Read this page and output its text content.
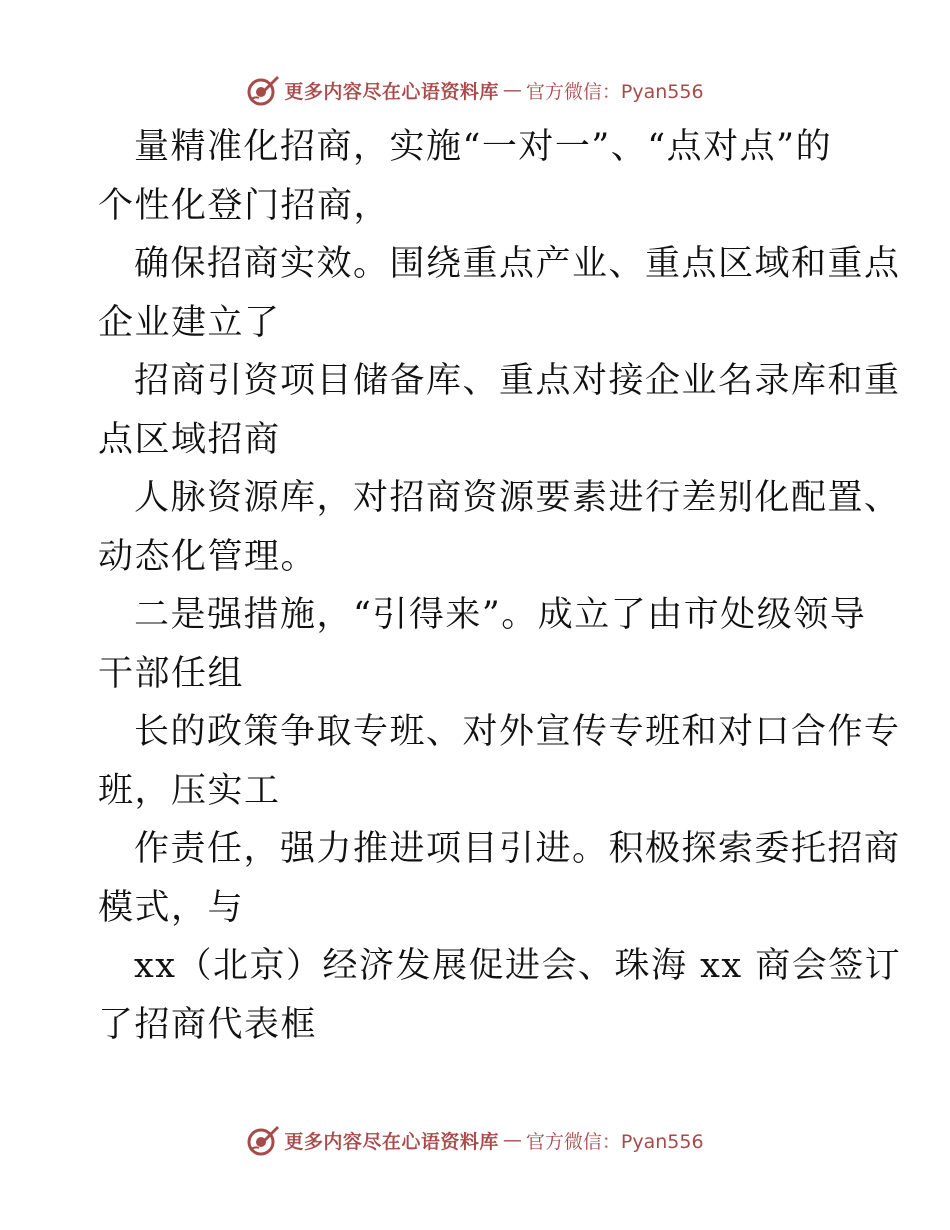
更多内容尽在心语资料库 — 官方微信：Pyan556
量精准化招商，实施“一对一”、“点对点”的
个性化登门招商，
确保招商实效。围绕重点产业、重点区域和重点
企业建立了
招商引资项目储备库、重点对接企业名录库和重
点区域招商
人脉资源库，对招商资源要素进行差别化配置、
动态化管理。
二是强措施，“引得来”。成立了由市处级领导
干部任组
长的政策争取专班、对外宣传专班和对口合作专
班，压实工
作责任，强力推进项目引进。积极探索委托招商
模式，与
xx（北京）经济发展促进会、珠海 xx 商会签订
了招商代表框
更多内容尽在心语资料库 — 官方微信：Pyan556
